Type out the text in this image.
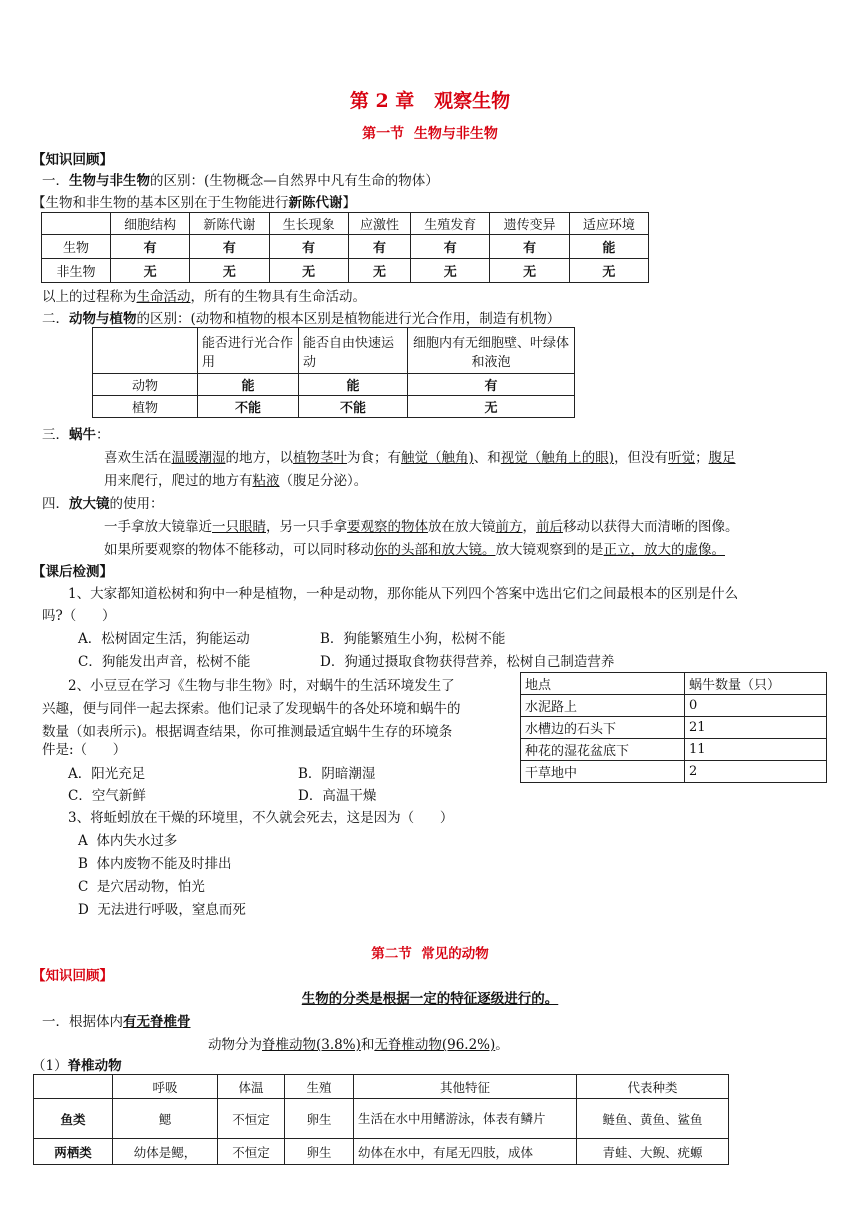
第 2 章   观察生物
第一节  生物与非生物
【知识回顾】
一．生物与非生物的区别：(生物概念—自然界中凡有生命的物体）
【生物和非生物的基本区别在于生物能进行新陈代谢】
	细胞结构	新陈代谢	生长现象	应激性	生殖发育	遗传变异	适应环境
生物	有	有	有	有	有	有	能
非生物	无	无	无	无	无	无	无
以上的过程称为生命活动，所有的生物具有生命活动。
二．动物与植物的区别：(动物和植物的根本区别是植物能进行光合作用，制造有机物）
	能否进行光合作用	能否自由快速运动	细胞内有无细胞壁、叶绿体和液泡
动物	能	能	有
植物	不能	不能	无
三．蜗牛：
喜欢生活在温暖潮湿的地方，以植物茎叶为食；有触觉（触角)、和视觉（触角上的眼)，但没有听觉；腹足
用来爬行，爬过的地方有粘液（腹足分泌）。
四．放大镜的使用：
一手拿放大镜靠近一只眼睛，另一只手拿要观察的物体放在放大镜前方，前后移动以获得大而清晰的图像。
如果所要观察的物体不能移动，可以同时移动你的头部和放大镜。放大镜观察到的是正立，放大的虚像。
【课后检测】
1、大家都知道松树和狗中一种是植物，一种是动物，那你能从下列四个答案中选出它们之间最根本的区别是什么
吗?（      ）
A．松树固定生活，狗能运动	B．狗能繁殖生小狗，松树不能
C．狗能发出声音，松树不能	D．狗通过摄取食物获得营养，松树自己制造营养
2、小豆豆在学习《生物与非生物》时，对蜗牛的生活环境发生了
兴趣，便与同伴一起去探索。他们记录了发现蜗牛的各处环境和蜗牛的
数量（如表所示)。根据调查结果，你可推测最适宜蜗牛生存的环境条
件是:（      ）
A．阳光充足	B．阴暗潮湿
C．空气新鲜	D．高温干燥
地点	蜗牛数量（只）
水泥路上	0
水槽边的石头下	21
种花的湿花盆底下	11
干草地中	2
3、将蚯蚓放在干燥的环境里，不久就会死去，这是因为（      ）
A  体内失水过多
B  体内废物不能及时排出
C  是穴居动物，怕光
D  无法进行呼吸，窒息而死
第二节  常见的动物
【知识回顾】
生物的分类是根据一定的特征逐级进行的。
一．根据体内有无脊椎骨
动物分为脊椎动物(3.8%)和无脊椎动物(96.2%)。
（1）脊椎动物
	呼吸	体温	生殖	其他特征	代表种类
鱼类	鳃	不恒定	卵生	生活在水中用鳍游泳，体表有鳞片	鲢鱼、黄鱼、鲨鱼
两栖类	幼体是鳃，	不恒定	卵生	幼体在水中，有尾无四肢，成体	青蛙、大鲵、疣螈
